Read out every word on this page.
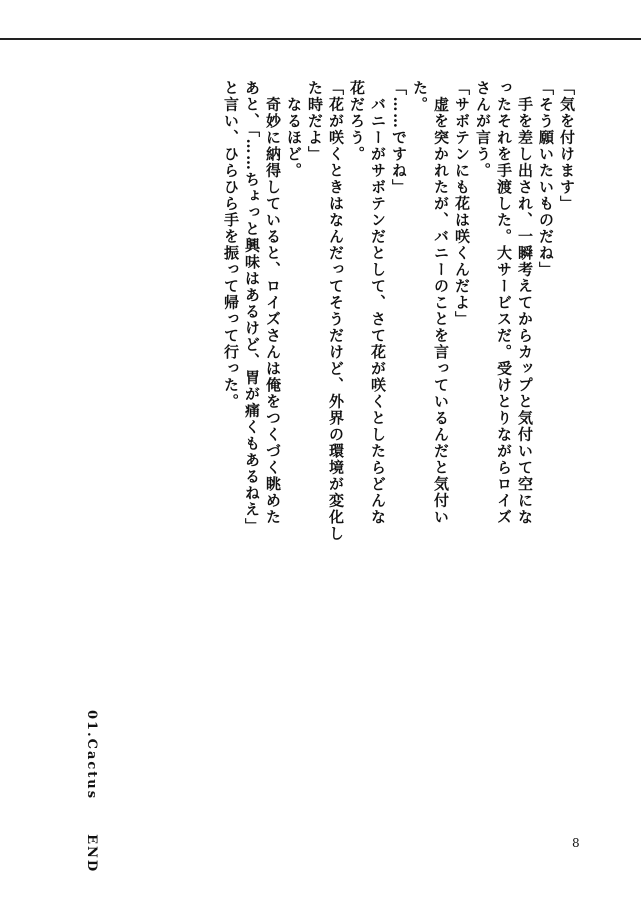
「気を付けます」

「そう願いたいものだね」

　手を差し出され、一瞬考えてからカップと気付いて空にな

ったそれを手渡した。大サービスだ。受けとりながらロイズ

さんが言う。

「サボテンにも花は咲くんだよ」

　虚を突かれたが、バニーのことを言っているんだと気付い

た。

「……ですね」

　バニーがサボテンだとして、さて花が咲くとしたらどんな

花だろう。

「花が咲くときはなんだってそうだけど、外界の環境が変化し

た時だよ」

　なるほど。

　奇妙に納得していると、ロイズさんは俺をつくづく眺めた

あと、「……ちょっと興味はあるけど、胃が痛くもあるねえ」

と言い、ひらひら手を振って帰って行った。

01.CactusEND	8
